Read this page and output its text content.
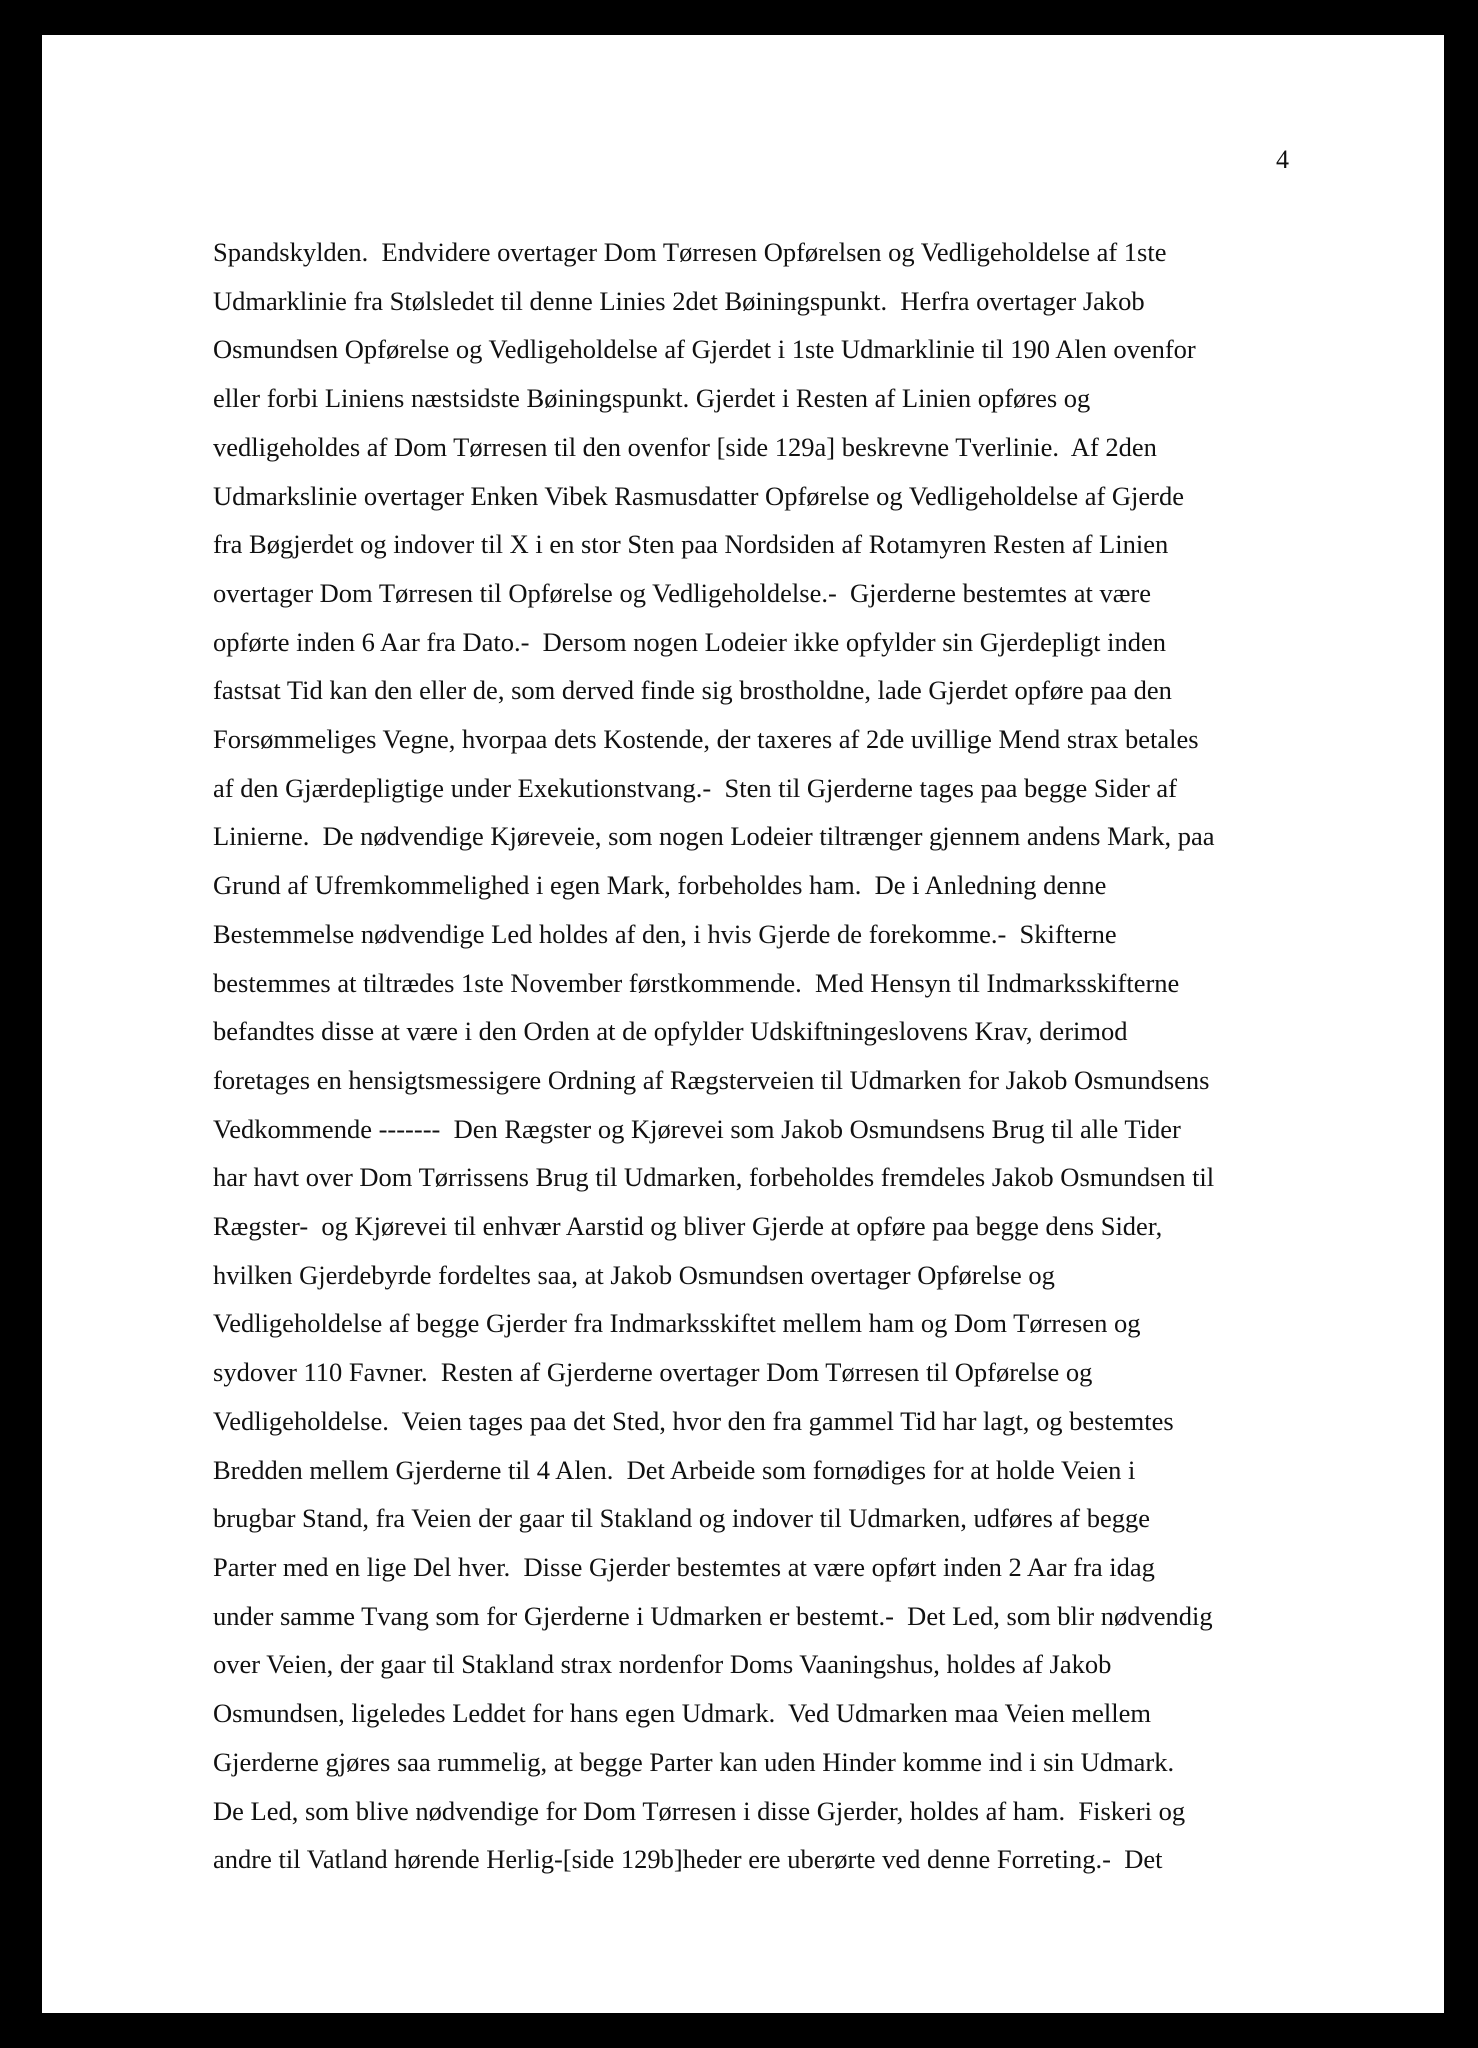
4
Spandskylden.  Endvidere overtager Dom Tørresen Opførelsen og Vedligeholdelse af 1ste
Udmarklinie fra Stølsledet til denne Linies 2det Bøiningspunkt.  Herfra overtager Jakob
Osmundsen Opførelse og Vedligeholdelse af Gjerdet i 1ste Udmarklinie til 190 Alen ovenfor
eller forbi Liniens næstsidste Bøiningspunkt. Gjerdet i Resten af Linien opføres og
vedligeholdes af Dom Tørresen til den ovenfor [side 129a] beskrevne Tverlinie.  Af 2den
Udmarkslinie overtager Enken Vibek Rasmusdatter Opførelse og Vedligeholdelse af Gjerde
fra Bøgjerdet og indover til X i en stor Sten paa Nordsiden af Rotamyren Resten af Linien
overtager Dom Tørresen til Opførelse og Vedligeholdelse.-  Gjerderne bestemtes at være
opførte inden 6 Aar fra Dato.-  Dersom nogen Lodeier ikke opfylder sin Gjerdepligt inden
fastsat Tid kan den eller de, som derved finde sig brostholdne, lade Gjerdet opføre paa den
Forsømmeliges Vegne, hvorpaa dets Kostende, der taxeres af 2de uvillige Mend strax betales
af den Gjærdepligtige under Exekutionstvang.-  Sten til Gjerderne tages paa begge Sider af
Linierne.  De nødvendige Kjøreveie, som nogen Lodeier tiltrænger gjennem andens Mark, paa
Grund af Ufremkommelighed i egen Mark, forbeholdes ham.  De i Anledning denne
Bestemmelse nødvendige Led holdes af den, i hvis Gjerde de forekomme.-  Skifterne
bestemmes at tiltrædes 1ste November førstkommende.  Med Hensyn til Indmarksskifterne
befandtes disse at være i den Orden at de opfylder Udskiftningeslovens Krav, derimod
foretages en hensigtsmessigere Ordning af Rægsterveien til Udmarken for Jakob Osmundsens
Vedkommende -------  Den Rægster og Kjørevei som Jakob Osmundsens Brug til alle Tider
har havt over Dom Tørrissens Brug til Udmarken, forbeholdes fremdeles Jakob Osmundsen til
Rægster-  og Kjørevei til enhvær Aarstid og bliver Gjerde at opføre paa begge dens Sider,
hvilken Gjerdebyrde fordeltes saa, at Jakob Osmundsen overtager Opførelse og
Vedligeholdelse af begge Gjerder fra Indmarksskiftet mellem ham og Dom Tørresen og
sydover 110 Favner.  Resten af Gjerderne overtager Dom Tørresen til Opførelse og
Vedligeholdelse.  Veien tages paa det Sted, hvor den fra gammel Tid har lagt, og bestemtes
Bredden mellem Gjerderne til 4 Alen.  Det Arbeide som fornødiges for at holde Veien i
brugbar Stand, fra Veien der gaar til Stakland og indover til Udmarken, udføres af begge
Parter med en lige Del hver.  Disse Gjerder bestemtes at være opført inden 2 Aar fra idag
under samme Tvang som for Gjerderne i Udmarken er bestemt.-  Det Led, som blir nødvendig
over Veien, der gaar til Stakland strax nordenfor Doms Vaaningshus, holdes af Jakob
Osmundsen, ligeledes Leddet for hans egen Udmark.  Ved Udmarken maa Veien mellem
Gjerderne gjøres saa rummelig, at begge Parter kan uden Hinder komme ind i sin Udmark.
De Led, som blive nødvendige for Dom Tørresen i disse Gjerder, holdes af ham.  Fiskeri og
andre til Vatland hørende Herlig-[side 129b]heder ere uberørte ved denne Forreting.-  Det
